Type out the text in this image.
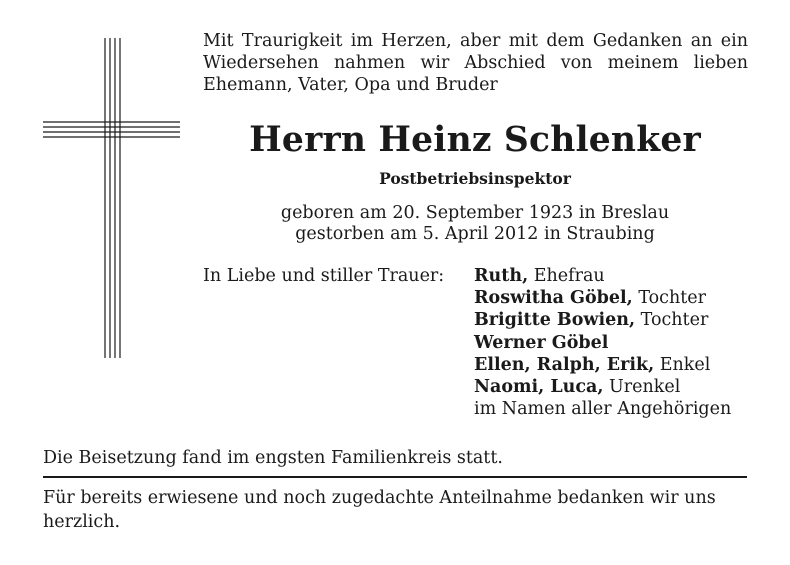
Mit Traurigkeit im Herzen, aber mit dem Gedanken an ein
Wiedersehen nahmen wir Abschied von meinem lieben
Ehemann, Vater, Opa und Bruder
Herrn Heinz Schlenker
Postbetriebsinspektor
geboren am 20. September 1923 in Breslau
gestorben am 5. April 2012 in Straubing
In Liebe und stiller Trauer: Ruth, Ehefrau
Roswitha Göbel, Tochter
Brigitte Bowien, Tochter
Werner Göbel
Ellen, Ralph, Erik, Enkel
Naomi, Luca, Urenkel
im Namen aller Angehörigen
Die Beisetzung fand im engsten Familienkreis statt.
Für bereits erwiesene und noch zugedachte Anteilnahme bedanken wir uns herzlich.
